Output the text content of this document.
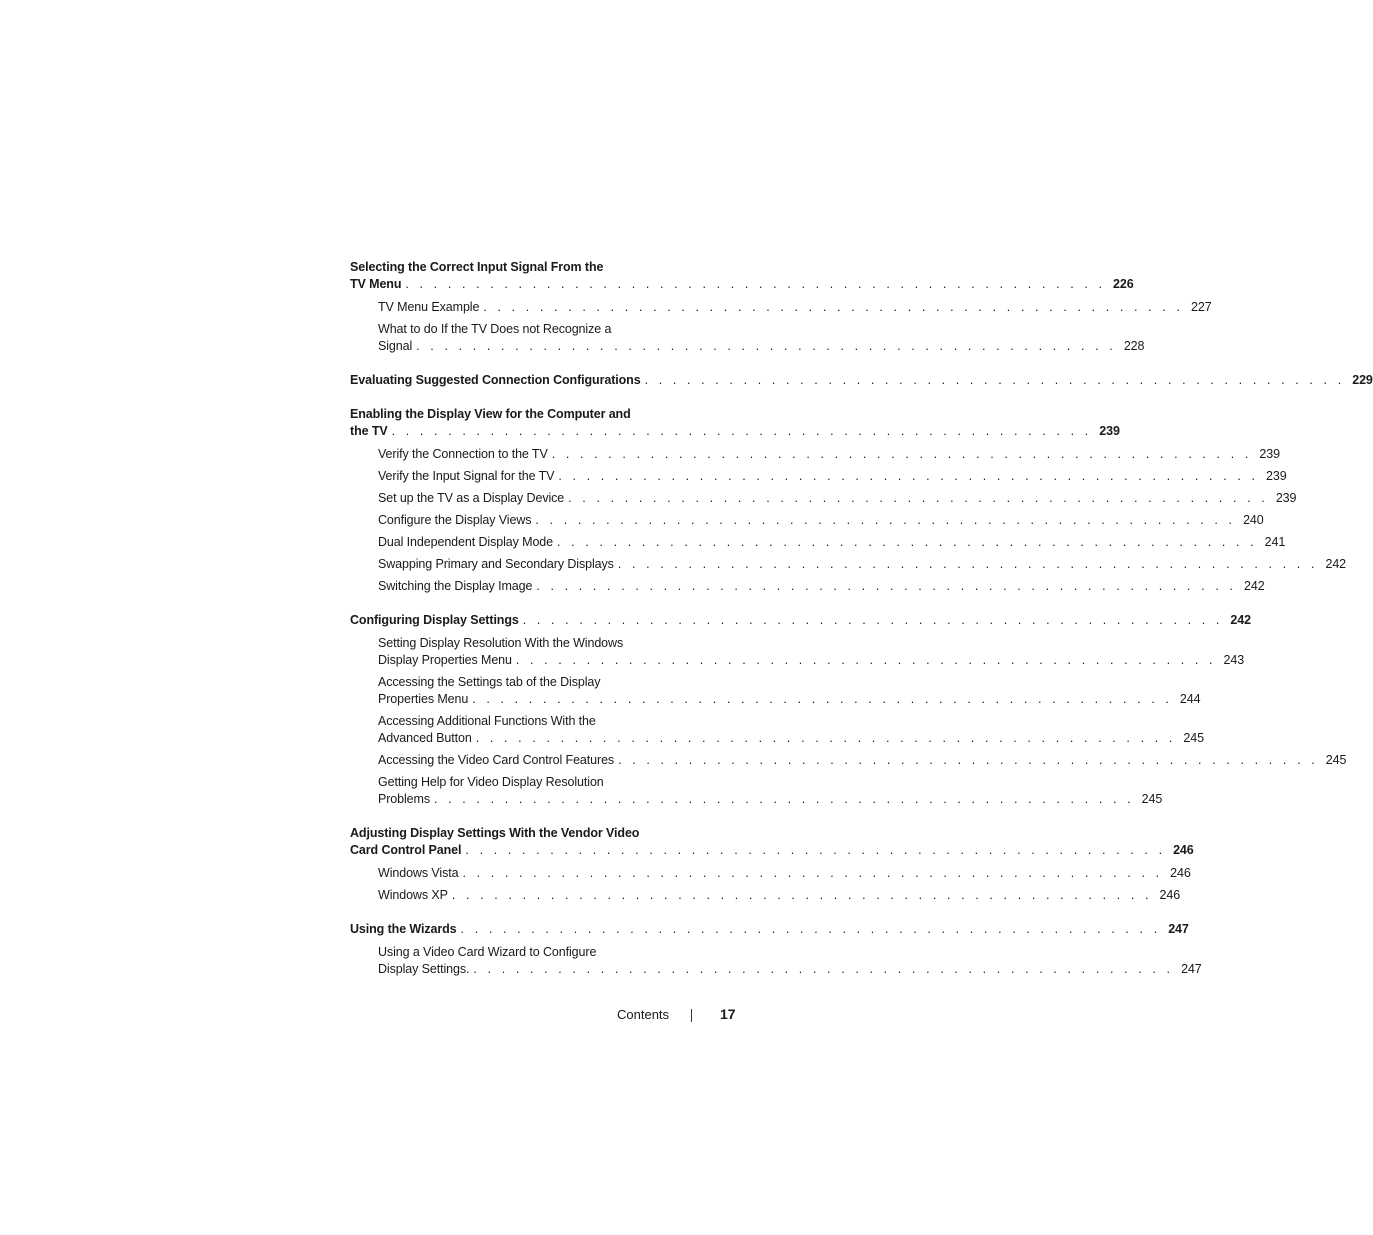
Selecting the Correct Input Signal From the
TV Menu . . . . . . . . . . . . . . . . . . . . . . . . . . . . . . . . . . . . . . . . . . . . . . . . . . 226
TV Menu Example . . . . . . . . . . . . . . . . . . . . . . . . . . . . . . . . . . . . . . . . . . . . . . . . . . 227
What to do If the TV Does not Recognize a
Signal . . . . . . . . . . . . . . . . . . . . . . . . . . . . . . . . . . . . . . . . . . . . . . . . . . 228
Evaluating Suggested Connection Configurations . . . . . . . . . . . . . . . . . . . . . . . . . . . . . . . . . . . . . . . . . . . . . . . . . . 229
Enabling the Display View for the Computer and
the TV . . . . . . . . . . . . . . . . . . . . . . . . . . . . . . . . . . . . . . . . . . . . . . . . . . 239
Verify the Connection to the TV . . . . . . . . . . . . . . . . . . . . . . . . . . . . . . . . . . . . . . . . . . . . . . . . . . 239
Verify the Input Signal for the TV . . . . . . . . . . . . . . . . . . . . . . . . . . . . . . . . . . . . . . . . . . . . . . . . . . 239
Set up the TV as a Display Device . . . . . . . . . . . . . . . . . . . . . . . . . . . . . . . . . . . . . . . . . . . . . . . . . . 239
Configure the Display Views . . . . . . . . . . . . . . . . . . . . . . . . . . . . . . . . . . . . . . . . . . . . . . . . . . 240
Dual Independent Display Mode . . . . . . . . . . . . . . . . . . . . . . . . . . . . . . . . . . . . . . . . . . . . . . . . . . 241
Swapping Primary and Secondary Displays . . . . . . . . . . . . . . . . . . . . . . . . . . . . . . . . . . . . . . . . . . . . . . . . . . 242
Switching the Display Image . . . . . . . . . . . . . . . . . . . . . . . . . . . . . . . . . . . . . . . . . . . . . . . . . . 242
Configuring Display Settings . . . . . . . . . . . . . . . . . . . . . . . . . . . . . . . . . . . . . . . . . . . . . . . . . . 242
Setting Display Resolution With the Windows
Display Properties Menu . . . . . . . . . . . . . . . . . . . . . . . . . . . . . . . . . . . . . . . . . . . . . . . . . . 243
Accessing the Settings tab of the Display
Properties Menu . . . . . . . . . . . . . . . . . . . . . . . . . . . . . . . . . . . . . . . . . . . . . . . . . . 244
Accessing Additional Functions With the
Advanced Button . . . . . . . . . . . . . . . . . . . . . . . . . . . . . . . . . . . . . . . . . . . . . . . . . . 245
Accessing the Video Card Control Features . . . . . . . . . . . . . . . . . . . . . . . . . . . . . . . . . . . . . . . . . . . . . . . . . . 245
Getting Help for Video Display Resolution
Problems . . . . . . . . . . . . . . . . . . . . . . . . . . . . . . . . . . . . . . . . . . . . . . . . . . 245
Adjusting Display Settings With the Vendor Video
Card Control Panel . . . . . . . . . . . . . . . . . . . . . . . . . . . . . . . . . . . . . . . . . . . . . . . . . . 246
Windows Vista . . . . . . . . . . . . . . . . . . . . . . . . . . . . . . . . . . . . . . . . . . . . . . . . . . 246
Windows XP . . . . . . . . . . . . . . . . . . . . . . . . . . . . . . . . . . . . . . . . . . . . . . . . . . 246
Using the Wizards . . . . . . . . . . . . . . . . . . . . . . . . . . . . . . . . . . . . . . . . . . . . . . . . . . 247
Using a Video Card Wizard to Configure
Display Settings. . . . . . . . . . . . . . . . . . . . . . . . . . . . . . . . . . . . . . . . . . . . . . . . . . . 247
Contents	17
